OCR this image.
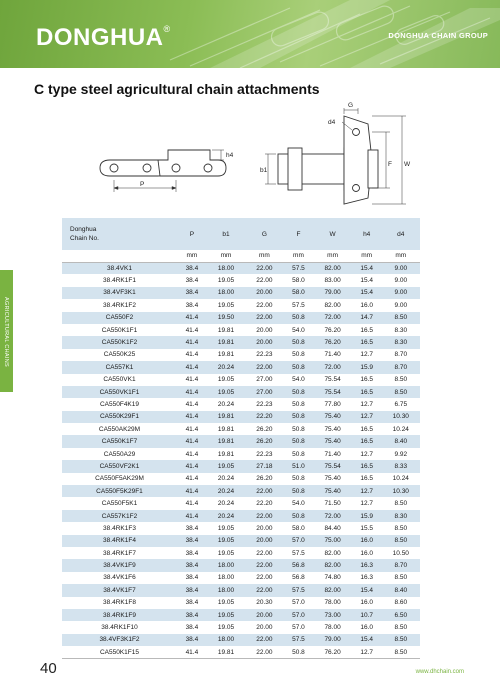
DONGHUA®
DONGHUA CHAIN GROUP
C type steel agricultural chain attachments
AGRICULTURAL CHAINS
P
h4
G
d4
b1
F W
Donghua
Chain No.	P	b1	G	F	W	h4	d4
	mm	mm	mm	mm	mm	mm	mm
38.4VK1	38.4	18.00	22.00	57.5	82.00	15.4	9.00
38.4RK1F1	38.4	19.05	22.00	58.0	83.00	15.4	9.00
38.4VF3K1	38.4	18.00	20.00	58.0	79.00	15.4	9.00
38.4RK1F2	38.4	19.05	22.00	57.5	82.00	16.0	9.00
CA550F2	41.4	19.50	22.00	50.8	72.00	14.7	8.50
CA550K1F1	41.4	19.81	20.00	54.0	76.20	16.5	8.30
CA550K1F2	41.4	19.81	20.00	50.8	76.20	16.5	8.30
CA550K25	41.4	19.81	22.23	50.8	71.40	12.7	8.70
CA557K1	41.4	20.24	22.00	50.8	72.00	15.9	8.70
CA550VK1	41.4	19.05	27.00	54.0	75.54	16.5	8.50
CA550VK1F1	41.4	19.05	27.00	50.8	75.54	16.5	8.50
CA550F4K19	41.4	20.24	22.23	50.8	77.80	12.7	6.75
CA550K29F1	41.4	19.81	22.20	50.8	75.40	12.7	10.30
CA550AK29M	41.4	19.81	26.20	50.8	75.40	16.5	10.24
CA550K1F7	41.4	19.81	26.20	50.8	75.40	16.5	8.40
CA550A29	41.4	19.81	22.23	50.8	71.40	12.7	9.92
CA550VF2K1	41.4	19.05	27.18	51.0	75.54	16.5	8.33
CA550F5AK29M	41.4	20.24	26.20	50.8	75.40	16.5	10.24
CA550F5K29F1	41.4	20.24	22.00	50.8	75.40	12.7	10.30
CA550F5K1	41.4	20.24	22.20	54.0	71.50	12.7	8.50
CA557K1F2	41.4	20.24	22.00	50.8	72.00	15.9	8.30
38.4RK1F3	38.4	19.05	20.00	58.0	84.40	15.5	8.50
38.4RK1F4	38.4	19.05	20.00	57.0	75.00	16.0	8.50
38.4RK1F7	38.4	19.05	22.00	57.5	82.00	16.0	10.50
38.4VK1F9	38.4	18.00	22.00	56.8	82.00	16.3	8.70
38.4VK1F6	38.4	18.00	22.00	56.8	74.80	16.3	8.50
38.4VK1F7	38.4	18.00	22.00	57.5	82.00	15.4	8.40
38.4RK1F8	38.4	19.05	20.30	57.0	78.00	16.0	8.60
38.4RK1F9	38.4	19.05	20.00	57.0	73.00	10.7	6.50
38.4RK1F10	38.4	19.05	20.00	57.0	78.00	16.0	8.50
38.4VF3K1F2	38.4	18.00	22.00	57.5	79.00	15.4	8.50
CA550K1F15	41.4	19.81	22.00	50.8	76.20	12.7	8.50
40	www.dhchain.com
